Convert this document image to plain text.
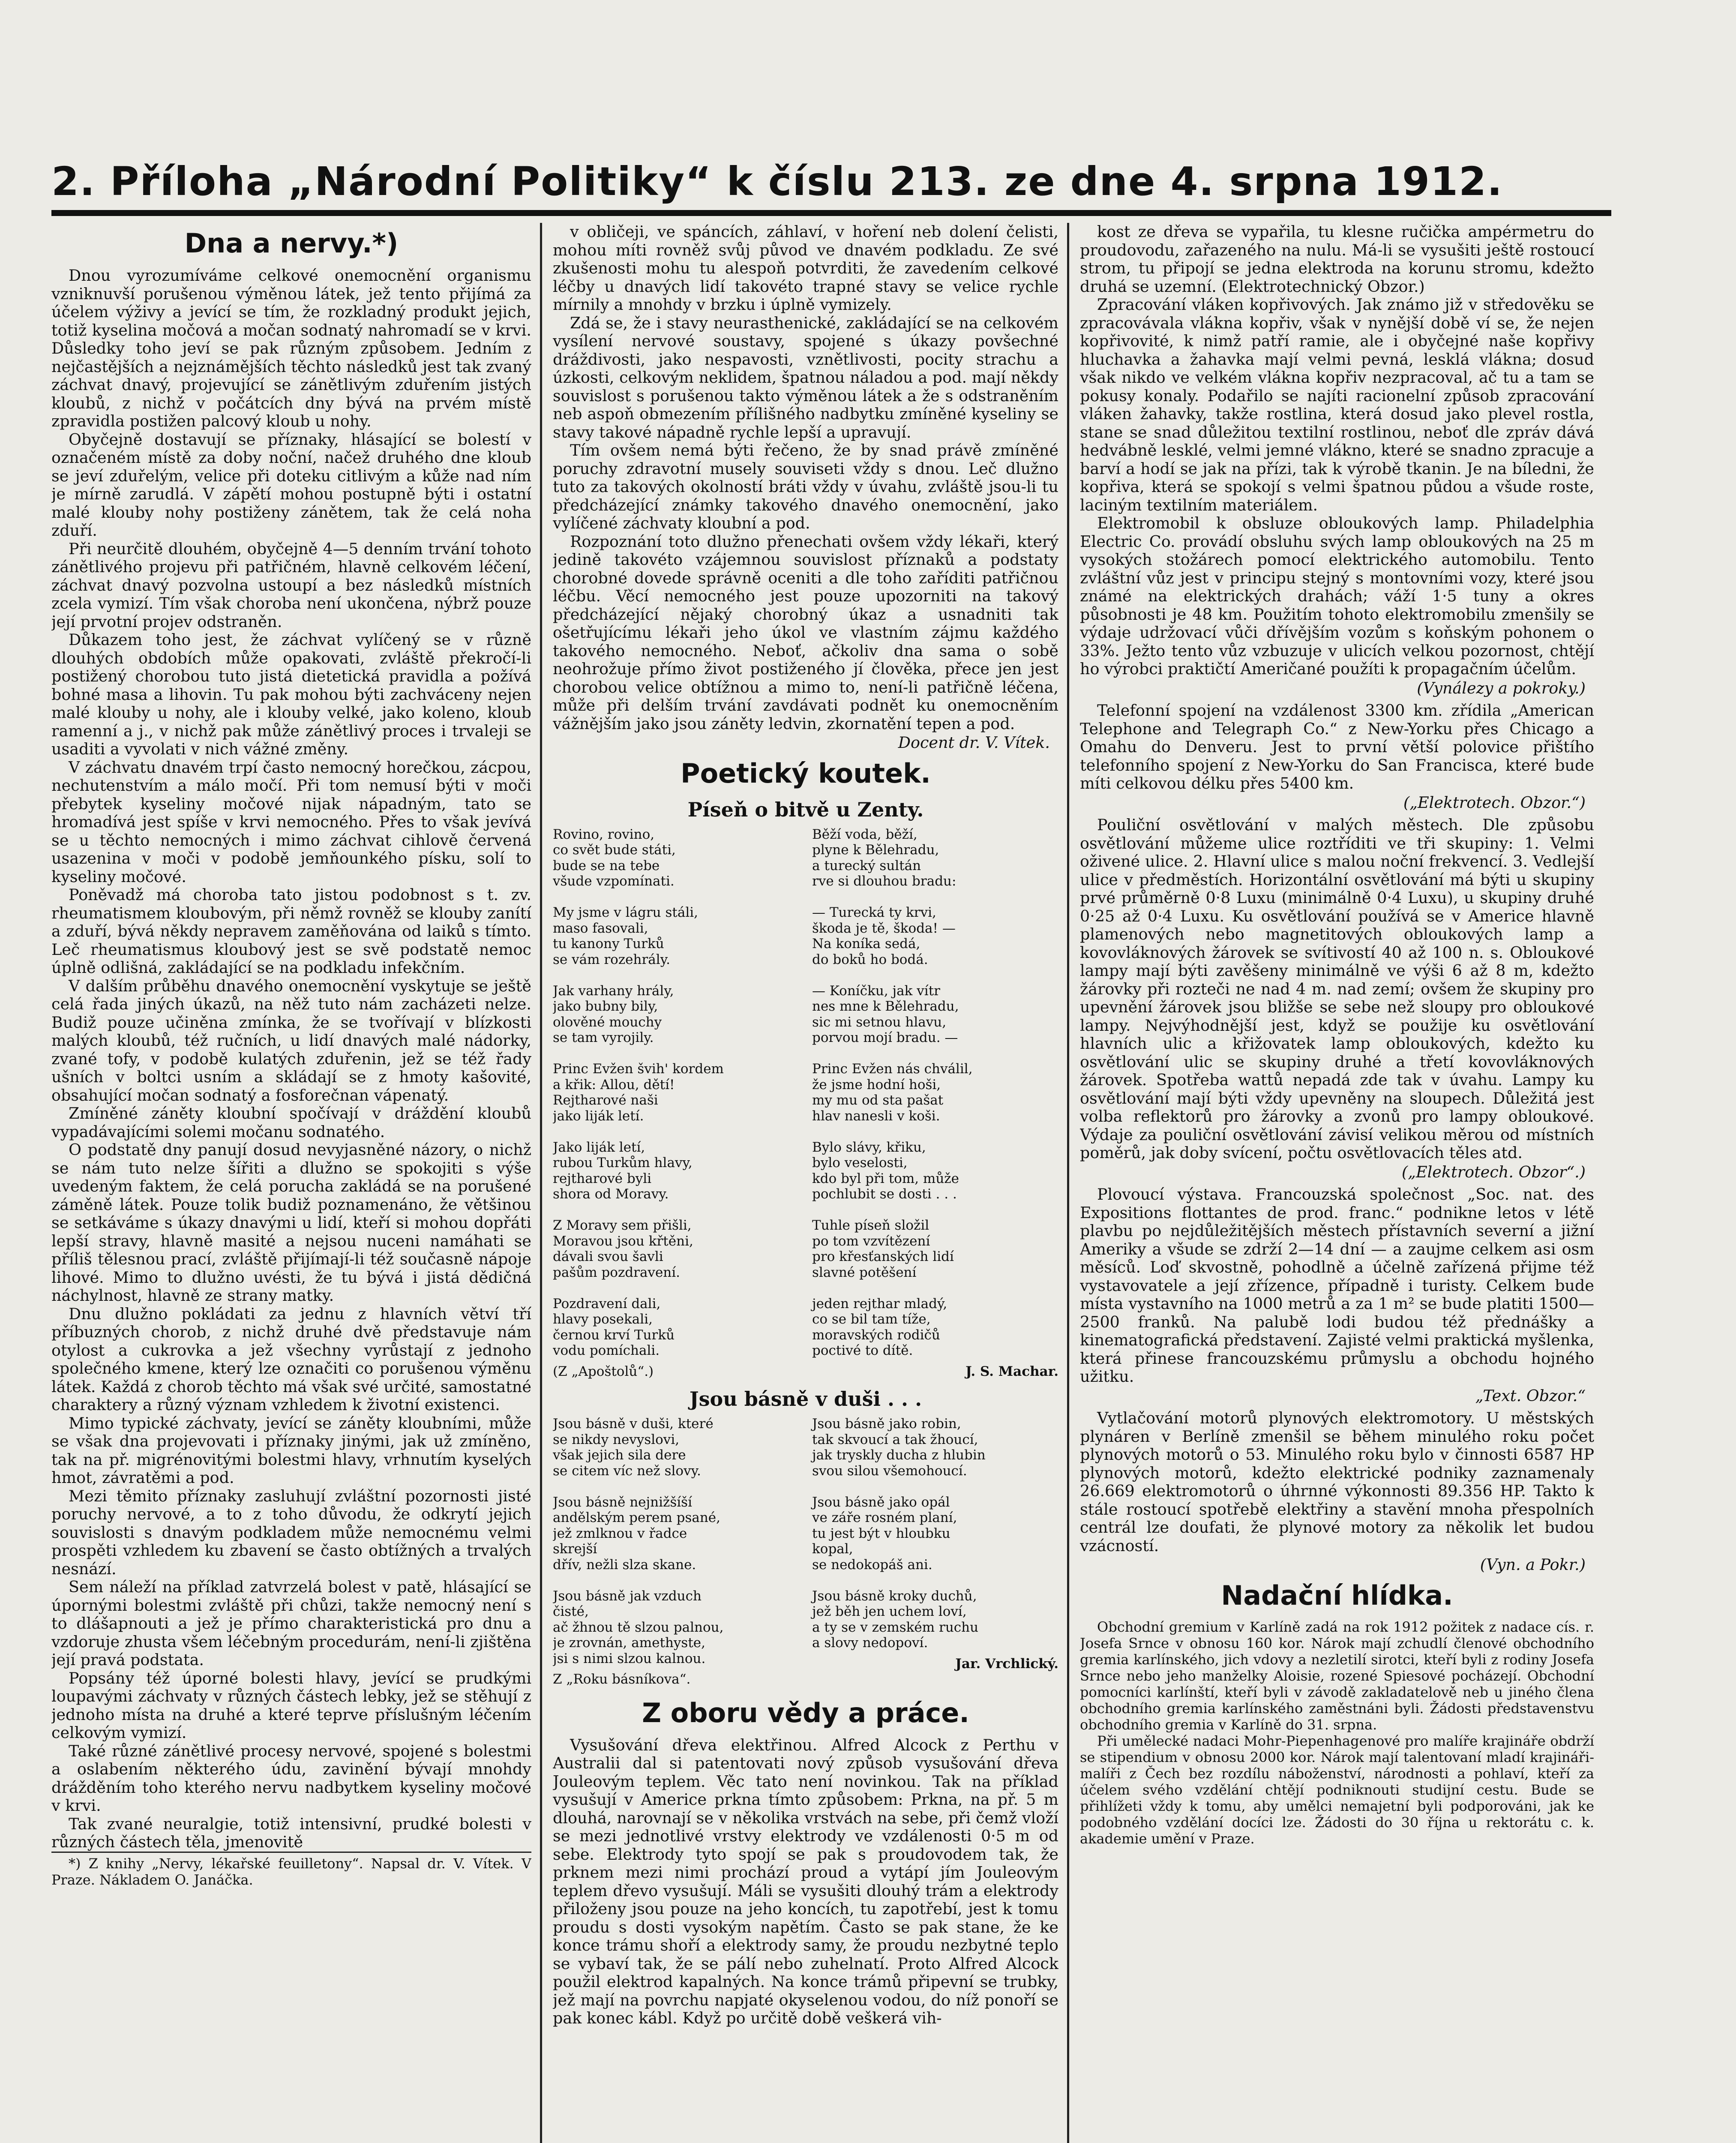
2. Příloha „Národní Politiky“ k číslu 213. ze dne 4. srpna 1912.
Dna a nervy.*)

Dnou vyrozumíváme celkové onemocnění organismu vzniknuvší porušenou výměnou látek, jež tento přijímá za účelem výživy a jevící se tím, že rozkladný produkt jejich, totiž kyselina močová a močan sodnatý nahromadí se v krvi. Důsledky toho jeví se pak různým způsobem. Jedním z nejčastějších a nejznámějších těchto následků jest tak zvaný záchvat dnavý, projevující se zánětlivým zduřením jistých kloubů, z nichž v počátcích dny bývá na prvém místě zpravidla postižen palcový kloub u nohy.

Obyčejně dostavují se příznaky, hlásající se bolestí v označeném místě za doby noční, načež druhého dne kloub se jeví zduřelým, velice při doteku citlivým a kůže nad ním je mírně zarudlá. V zápětí mohou postupně býti i ostatní malé klouby nohy postiženy zánětem, tak že celá noha zduří.

Při neurčitě dlouhém, obyčejně 4—5 denním trvání tohoto zánětlivého projevu při patřičném, hlavně celkovém léčení, záchvat dnavý pozvolna ustoupí a bez následků místních zcela vymizí. Tím však choroba není ukončena, nýbrž pouze její prvotní projev odstraněn.

Důkazem toho jest, že záchvat vylíčený se v různě dlouhých obdobích může opakovati, zvláště překročí-li postižený chorobou tuto jistá dietetická pravidla a požívá bohné masa a lihovin. Tu pak mohou býti zachváceny nejen malé klouby u nohy, ale i klouby velké, jako koleno, kloub ramenní a j., v nichž pak může zánětlivý proces i trvaleji se usaditi a vyvolati v nich vážné změny.

V záchvatu dnavém trpí často nemocný horečkou, zácpou, nechutenstvím a málo močí. Při tom nemusí býti v moči přebytek kyseliny močové nijak nápadným, tato se hromadívá jest spíše v krvi nemocného. Přes to však jevívá se u těchto nemocných i mimo záchvat cihlově červená usazenina v moči v podobě jemňounkého písku, solí to kyseliny močové.

Poněvadž má choroba tato jistou podobnost s t. zv. rheumatismem kloubovým, při němž rovněž se klouby zanítí a zduří, bývá někdy nepravem zaměňována od laiků s tímto. Leč rheumatismus kloubový jest se svě podstatě nemoc úplně odlišná, zakládající se na podkladu infekčním.

V dalším průběhu dnavého onemocnění vyskytuje se ještě celá řada jiných úkazů, na něž tuto nám zacházeti nelze. Budiž pouze učiněna zmínka, že se tvořívají v blízkosti malých kloubů, též ručních, u lidí dnavých malé nádorky, zvané tofy, v podobě kulatých zduřenin, jež se též řady ušních v boltci usním a skládají se z hmoty kašovité, obsahující močan sodnatý a fosforečnan vápenatý.

Zmíněné záněty kloubní spočívají v dráždění kloubů vypadávajícími solemi močanu sodnatého.

O podstatě dny panují dosud nevyjasněné názory, o nichž se nám tuto nelze šířiti a dlužno se spokojiti s výše uvedeným faktem, že celá porucha zakládá se na porušené záměně látek. Pouze tolik budiž poznamenáno, že většinou se setkáváme s úkazy dnavými u lidí, kteří si mohou dopřáti lepší stravy, hlavně masité a nejsou nuceni namáhati se příliš tělesnou prací, zvláště přijímají-li též současně nápoje lihové. Mimo to dlužno uvésti, že tu bývá i jistá dědičná náchylnost, hlavně ze strany matky.

Dnu dlužno pokládati za jednu z hlavních větví tří příbuzných chorob, z nichž druhé dvě představuje nám otylost a cukrovka a jež všechny vyrůstají z jednoho společného kmene, který lze označiti co porušenou výměnu látek. Každá z chorob těchto má však své určité, samostatné charaktery a různý význam vzhledem k životní existenci.

Mimo typické záchvaty, jevící se záněty kloubními, může se však dna projevovati i příznaky jinými, jak už zmíněno, tak na př. migrénovitými bolestmi hlavy, vrhnutím kyselých hmot, závratěmi a pod.

Mezi těmito příznaky zasluhují zvláštní pozornosti jisté poruchy nervové, a to z toho důvodu, že odkrytí jejich souvislosti s dnavým podkladem může nemocnému velmi prospěti vzhledem ku zbavení se často obtížných a trvalých nesnází.

Sem náleží na příklad zatvrzelá bolest v patě, hlásající se úpornými bolestmi zvláště při chůzi, takže nemocný není s to dlášapnouti a jež je přímo charakteristická pro dnu a vzdoruje zhusta všem léčebným procedurám, není-li zjištěna její pravá podstata.

Popsány též úporné bolesti hlavy, jevící se prudkými loupavými záchvaty v různých částech lebky, jež se stěhují z jednoho místa na druhé a které teprve příslušným léčením celkovým vymizí.

Také různé zánětlivé procesy nervové, spojené s bolestmi a oslabením některého údu, zavinění bývají mnohdy drážděním toho kterého nervu nadbytkem kyseliny močové v krvi.

Tak zvané neuralgie, totiž intensivní, prudké bolesti v různých částech těla, jmenovitě

*) Z knihy „Nervy, lékařské feuilletony“. Napsal dr. V. Vítek. V Praze. Nákladem O. Janáčka.

v obličeji, ve spáncích, záhlaví, v hoření neb dolení čelisti, mohou míti rovněž svůj původ ve dnavém podkladu. Ze své zkušenosti mohu tu alespoň potvrditi, že zavedením celkové léčby u dnavých lidí takovéto trapné stavy se velice rychle mírnily a mnohdy v brzku i úplně vymizely.

Zdá se, že i stavy neurasthenické, zakládající se na celkovém vysílení nervové soustavy, spojené s úkazy povšechné dráždivosti, jako nespavosti, vznětlivosti, pocity strachu a úzkosti, celkovým neklidem, špatnou náladou a pod. mají někdy souvislost s porušenou takto výměnou látek a že s odstraněním neb aspoň obmezením přílišného nadbytku zmíněné kyseliny se stavy takové nápadně rychle lepší a upravují.

Tím ovšem nemá býti řečeno, že by snad právě zmíněné poruchy zdravotní musely souviseti vždy s dnou. Leč dlužno tuto za takových okolností bráti vždy v úvahu, zvláště jsou-li tu předcházející známky takového dnavého onemocnění, jako vylíčené záchvaty kloubní a pod.

Rozpoznání toto dlužno přenechati ovšem vždy lékaři, který jedině takovéto vzájemnou souvislost příznaků a podstaty chorobné dovede správně oceniti a dle toho zaříditi patřičnou léčbu. Věcí nemocného jest pouze upozorniti na takový předcházející nějaký chorobný úkaz a usnadniti tak ošetřujícímu lékaři jeho úkol ve vlastním zájmu každého takového nemocného. Neboť, ačkoliv dna sama o sobě neohrožuje přímo život postiženého jí člověka, přece jen jest chorobou velice obtížnou a mimo to, není-li patřičně léčena, může při delším trvání zavdávati podnět ku onemocněním vážnějším jako jsou záněty ledvin, zkornatění tepen a pod.

Docent dr. V. Vítek.
Poetický koutek.
Píseň o bitvě u Zenty.

Rovino, rovino,
co svět bude státi,
bude se na tebe
všude vzpomínati.

My jsme v lágru stáli,
maso fasovali,
tu kanony Turků
se vám rozehrály.

Jak varhany hrály,
jako bubny bily,
olověné mouchy
se tam vyrojily.

Princ Evžen švih' kordem
a křik: Allou, dětí!
Rejtharové naši
jako liják letí.

Jako liják letí,
rubou Turkům hlavy,
rejtharové byli
shora od Moravy.

Z Moravy sem přišli,
Moravou jsou křtěni,
dávali svou šavli
pašům pozdravení.

Pozdravení dali,
hlavy posekali,
černou krví Turků
vodu pomíchali.

(Z „Apoštolů“.)

Běží voda, běží,
plyne k Bělehradu,
a turecký sultán
rve si dlouhou bradu:

— Turecká ty krvi,
škoda je tě, škoda! —
Na koníka sedá,
do boků ho bodá.

— Koníčku, jak vítr
nes mne k Bělehradu,
sic mi setnou hlavu,
porvou mojí bradu. —

Princ Evžen nás chválil,
že jsme hodní hoši,
my mu od sta pašat
hlav nanesli v koši.

Bylo slávy, křiku,
bylo veselosti,
kdo byl při tom, může
pochlubit se dosti . . .

Tuhle píseň složil
po tom vzvítězení
pro křesťanských lidí
slavné potěšení

jeden rejthar mladý,
co se bil tam tíže,
moravských rodičů
poctivé to dítě.

J. S. Machar.

Jsou básně v duši . . .

Jsou básně v duši, které
se nikdy nevyslovi,
však jejich sila dere
se citem víc než slovy.

Jsou básně nejnižšíší
andělským perem psané,
jež zmlknou v řadce
skrejší
dřív, nežli slza skane.

Jsou básně jak vzduch
čisté,
ač žhnou tě slzou palnou,
je zrovnán, amethyste,
jsi s nimi slzou kalnou.

Z „Roku básníkova“.

Jsou básně jako robin,
tak skvoucí a tak žhoucí,
jak tryskly ducha z hlubin
svou silou všemohoucí.

Jsou básně jako opál
ve záře rosném planí,
tu jest být v hloubku
kopal,
se nedokopáš ani.

Jsou básně kroky duchů,
jež běh jen uchem loví,
a ty se v zemském ruchu
a slovy nedopoví.

Jar. Vrchlický.

Z oboru vědy a práce.

Vysušování dřeva elektřinou. Alfred Alcock z Perthu v Australii dal si patentovati nový způsob vysušování dřeva Jouleovým teplem. Věc tato není novinkou. Tak na příklad vysušují v Americe prkna tímto způsobem: Prkna, na př. 5 m dlouhá, narovnají se v několika vrstvách na sebe, při čemž vloží se mezi jednotlivé vrstvy elektrody ve vzdálenosti 0·5 m od sebe. Elektrody tyto spojí se pak s proudovodem tak, že prknem mezi nimi prochází proud a vytápí jím Jouleovým teplem dřevo vysušují. Máli se vysušiti dlouhý trám a elektrody přiloženy jsou pouze na jeho koncích, tu zapotřebí, jest k tomu proudu s dosti vysokým napětím. Často se pak stane, že ke konce trámu shoří a elektrody samy, že proudu nezbytné teplo se vybaví tak, že se pálí nebo zuhelnatí. Proto Alfred Alcock použil elektrod kapalných. Na konce trámů připevní se trubky, jež mají na povrchu napjaté okyselenou vodou, do níž ponoří se pak konec kábl. Když po určitě době veškerá vih-

kost ze dřeva se vypařila, tu klesne ručička ampérmetru do proudovodu, zařazeného na nulu. Má-li se vysušiti ještě rostoucí strom, tu připojí se jedna elektroda na korunu stromu, kdežto druhá se uzemní. (Elektrotechnický Obzor.)

Zpracování vláken kopřivových. Jak známo již v středověku se zpracovávala vlákna kopřiv, však v nynější době ví se, že nejen kopřivovité, k nimž patří ramie, ale i obyčejné naše kopřivy hluchavka a žahavka mají velmi pevná, lesklá vlákna; dosud však nikdo ve velkém vlákna kopřiv nezpracoval, ač tu a tam se pokusy konaly. Podařilo se najíti racionelní způsob zpracování vláken žahavky, takže rostlina, která dosud jako plevel rostla, stane se snad důležitou textilní rostlinou, neboť dle zpráv dává hedvábně lesklé, velmi jemné vlákno, které se snadno zpracuje a barví a hodí se jak na přízi, tak k výrobě tkanin. Je na bíledni, že kopřiva, která se spokojí s velmi špatnou půdou a všude roste, laciným textilním materiálem.

Elektromobil k obsluze obloukových lamp. Philadelphia Electric Co. provádí obsluhu svých lamp obloukových na 25 m vysokých stožárech pomocí elektrického automobilu. Tento zvláštní vůz jest v principu stejný s montovními vozy, které jsou známé na elektrických drahách; váží 1·5 tuny a okres působnosti je 48 km. Použitím tohoto elektromobilu zmenšily se výdaje udržovací vůči dřívějším vozům s koňským pohonem o 33%. Ježto tento vůz vzbuzuje v ulicích velkou pozornost, chtějí ho výrobci praktičtí Američané použíti k propagačním účelům.

(Vynálezy a pokroky.)

Telefonní spojení na vzdálenost 3300 km. zřídila „American Telephone and Telegraph Co.“ z New-Yorku přes Chicago a Omahu do Denveru. Jest to první větší polovice přištího telefonního spojení z New-Yorku do San Francisca, které bude míti celkovou délku přes 5400 km.

(„Elektrotech. Obzor.“)

Pouliční osvětlování v malých městech. Dle způsobu osvětlování můžeme ulice roztříditi ve tři skupiny: 1. Velmi oživené ulice. 2. Hlavní ulice s malou noční frekvencí. 3. Vedlejší ulice v předměstích. Horizontální osvětlování má býti u skupiny prvé průměrně 0·8 Luxu (minimálně 0·4 Luxu), u skupiny druhé 0·25 až 0·4 Luxu. Ku osvětlování používá se v Americe hlavně plamenových nebo magnetitových obloukových lamp a kovovláknových žárovek se svítivostí 40 až 100 n. s. Obloukové lampy mají býti zavěšeny minimálně ve výši 6 až 8 m, kdežto žárovky při rozteči ne nad 4 m. nad zemí; ovšem že skupiny pro upevnění žárovek jsou bližše se sebe než sloupy pro obloukové lampy. Nejvýhodnější jest, když se použije ku osvětlování hlavních ulic a křižovatek lamp obloukových, kdežto ku osvětlování ulic se skupiny druhé a třetí kovovláknových žárovek. Spotřeba wattů nepadá zde tak v úvahu. Lampy ku osvětlování mají býti vždy upevněny na sloupech. Důležitá jest volba reflektorů pro žárovky a zvonů pro lampy obloukové. Výdaje za pouliční osvětlování závisí velikou měrou od místních poměrů, jak doby svícení, počtu osvětlovacích těles atd.

(„Elektrotech. Obzor“.)

Plovoucí výstava. Francouzská společnost „Soc. nat. des Expositions flottantes de prod. franc.“ podnikne letos v létě plavbu po nejdůležitějších městech přístavních severní a jižní Ameriky a všude se zdrží 2—14 dní — a zaujme celkem asi osm měsíců. Loď skvostně, pohodlně a účelně zařízená přijme též vystavovatele a její zřízence, případně i turisty. Celkem bude místa vystavního na 1000 metrů a za 1 m² se bude platiti 1500—2500 franků. Na palubě lodi budou též přednášky a kinematografická představení. Zajisté velmi praktická myšlenka, která přinese francouzskému průmyslu a obchodu hojného užitku.

„Text. Obzor.“

Vytlačování motorů plynových elektromotory. U městských plynáren v Berlíně zmenšil se během minulého roku počet plynových motorů o 53. Minulého roku bylo v činnosti 6587 HP plynových motorů, kdežto elektrické podniky zaznamenaly 26.669 elektromotorů o úhrnné výkonnosti 89.356 HP. Takto k stále rostoucí spotřebě elektřiny a stavění mnoha přespolních centrál lze doufati, že plynové motory za několik let budou vzácností.

(Vyn. a Pokr.)
Nadační hlídka.

Obchodní gremium v Karlíně zadá na rok 1912 požitek z nadace cís. r. Josefa Srnce v obnosu 160 kor. Nárok mají zchudlí členové obchodního gremia karlínského, jich vdovy a nezletilí sirotci, kteří byli z rodiny Josefa Srnce nebo jeho manželky Aloisie, rozené Spiesové pocházejí. Obchodní pomocníci karlínští, kteří byli v závodě zakladatelově neb u jiného člena obchodního gremia karlínského zaměstnáni byli. Žádosti představenstvu obchodního gremia v Karlíně do 31. srpna.

Při umělecké nadaci Mohr-Piepenhagenové pro malíře krajináře obdrží se stipendium v obnosu 2000 kor. Nárok mají talentovaní mladí krajináři-malíři z Čech bez rozdílu náboženství, národnosti a pohlaví, kteří za účelem svého vzdělání chtějí podniknouti studijní cestu. Bude se přihlížeti vždy k tomu, aby umělci nemajetní byli podporováni, jak ke podobného vzdělání docíci lze. Žádosti do 30 října u rektorátu c. k. akademie umění v Praze.
